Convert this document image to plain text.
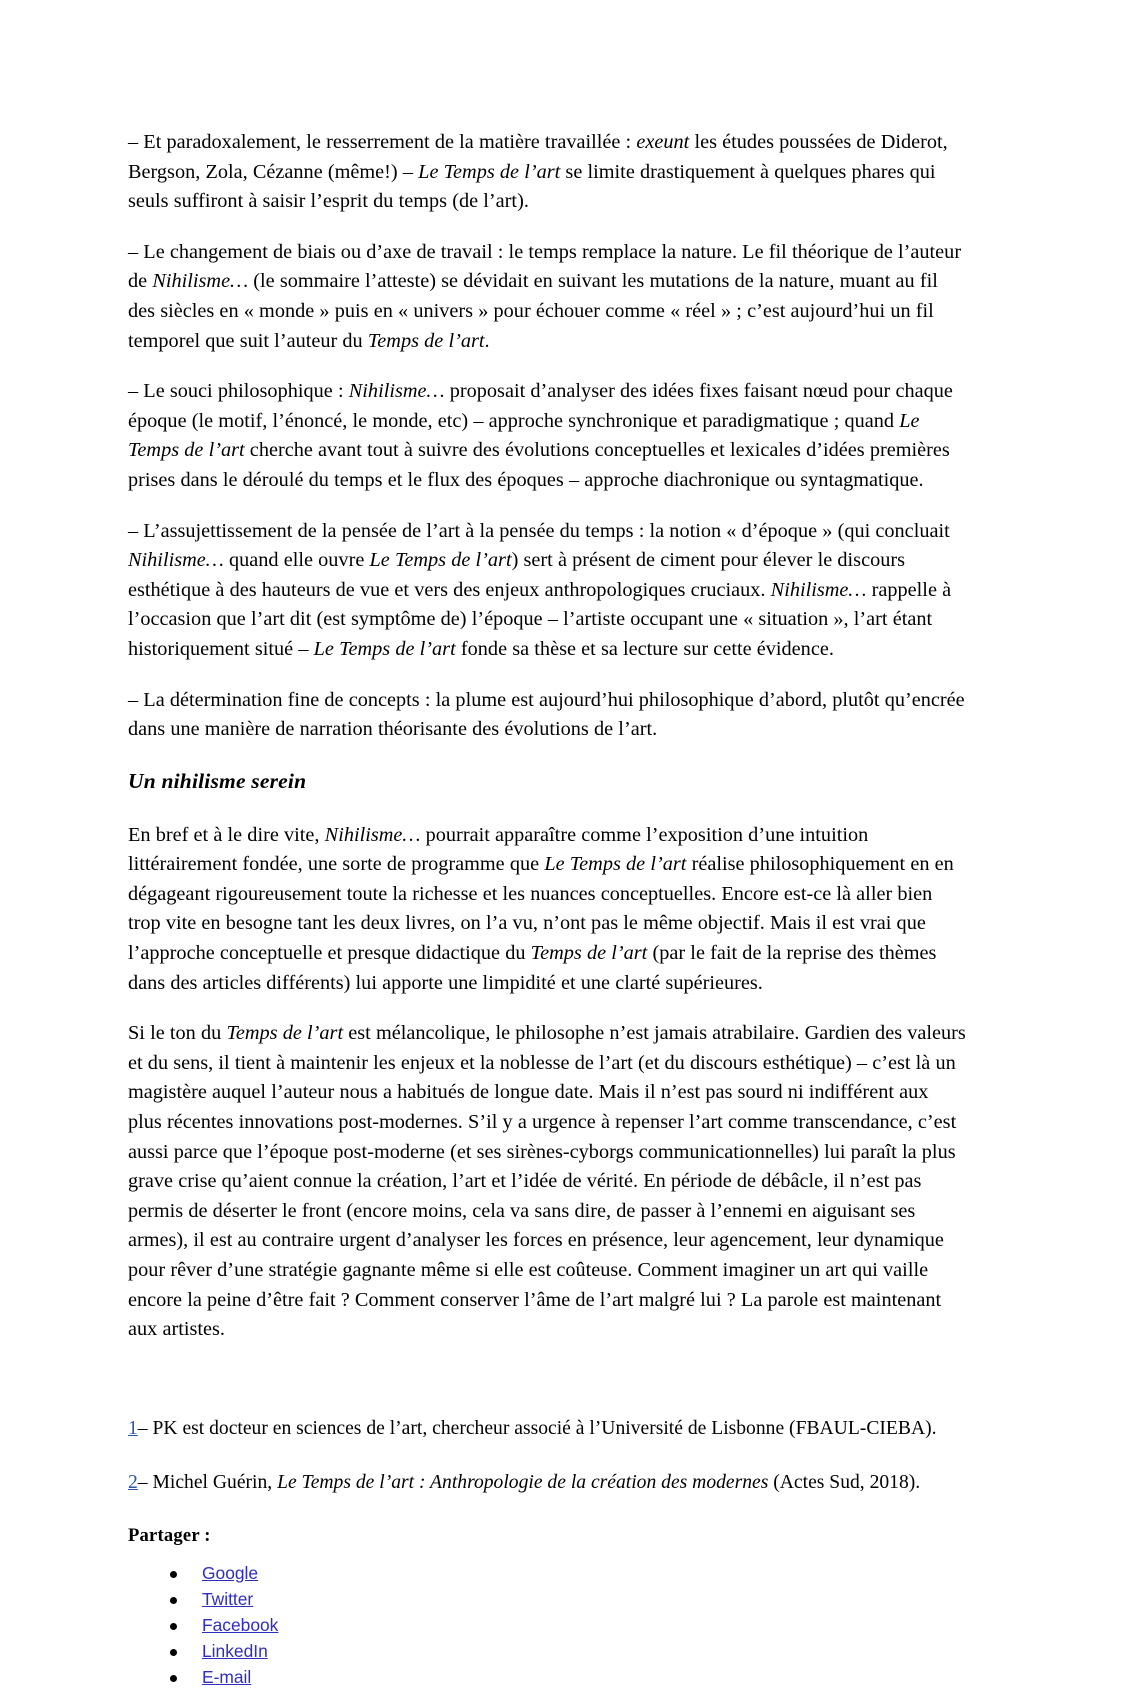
– Et paradoxalement, le resserrement de la matière travaillée : exeunt les études poussées de Diderot, Bergson, Zola, Cézanne (même!) – Le Temps de l’art se limite drastiquement à quelques phares qui seuls suffiront à saisir l’esprit du temps (de l’art).

– Le changement de biais ou d’axe de travail : le temps remplace la nature. Le fil théorique de l’auteur de Nihilisme… (le sommaire l’atteste) se dévidait en suivant les mutations de la nature, muant au fil des siècles en « monde » puis en « univers » pour échouer comme « réel » ; c’est aujourd’hui un fil temporel que suit l’auteur du Temps de l’art.

– Le souci philosophique : Nihilisme… proposait d’analyser des idées fixes faisant nœud pour chaque époque (le motif, l’énoncé, le monde, etc) – approche synchronique et paradigmatique ; quand Le Temps de l’art cherche avant tout à suivre des évolutions conceptuelles et lexicales d’idées premières prises dans le déroulé du temps et le flux des époques – approche diachronique ou syntagmatique.

– L’assujettissement de la pensée de l’art à la pensée du temps : la notion « d’époque » (qui concluait Nihilisme… quand elle ouvre Le Temps de l’art) sert à présent de ciment pour élever le discours esthétique à des hauteurs de vue et vers des enjeux anthropologiques cruciaux. Nihilisme… rappelle à l’occasion que l’art dit (est symptôme de) l’époque – l’artiste occupant une « situation », l’art étant historiquement situé – Le Temps de l’art fonde sa thèse et sa lecture sur cette évidence.

– La détermination fine de concepts : la plume est aujourd’hui philosophique d’abord, plutôt qu’encrée dans une manière de narration théorisante des évolutions de l’art.

Un nihilisme serein

En bref et à le dire vite, Nihilisme… pourrait apparaître comme l’exposition d’une intuition littérairement fondée, une sorte de programme que Le Temps de l’art réalise philosophiquement en en dégageant rigoureusement toute la richesse et les nuances conceptuelles. Encore est-ce là aller bien trop vite en besogne tant les deux livres, on l’a vu, n’ont pas le même objectif. Mais il est vrai que l’approche conceptuelle et presque didactique du Temps de l’art (par le fait de la reprise des thèmes dans des articles différents) lui apporte une limpidité et une clarté supérieures.

Si le ton du Temps de l’art est mélancolique, le philosophe n’est jamais atrabilaire. Gardien des valeurs et du sens, il tient à maintenir les enjeux et la noblesse de l’art (et du discours esthétique) – c’est là un magistère auquel l’auteur nous a habitués de longue date. Mais il n’est pas sourd ni indifférent aux plus récentes innovations post-modernes. S’il y a urgence à repenser l’art comme transcendance, c’est aussi parce que l’époque post-moderne (et ses sirènes-cyborgs communicationnelles) lui paraît la plus grave crise qu’aient connue la création, l’art et l’idée de vérité. En période de débâcle, il n’est pas permis de déserter le front (encore moins, cela va sans dire, de passer à l’ennemi en aiguisant ses armes), il est au contraire urgent d’analyser les forces en présence, leur agencement, leur dynamique pour rêver d’une stratégie gagnante même si elle est coûteuse. Comment imaginer un art qui vaille encore la peine d’être fait ? Comment conserver l’âme de l’art malgré lui ? La parole est maintenant aux artistes.

1– PK est docteur en sciences de l’art, chercheur associé à l’Université de Lisbonne (FBAUL-CIEBA).

2– Michel Guérin, Le Temps de l’art : Anthropologie de la création des modernes (Actes Sud, 2018).

Partager :
Google
Twitter
Facebook
LinkedIn
E-mail
